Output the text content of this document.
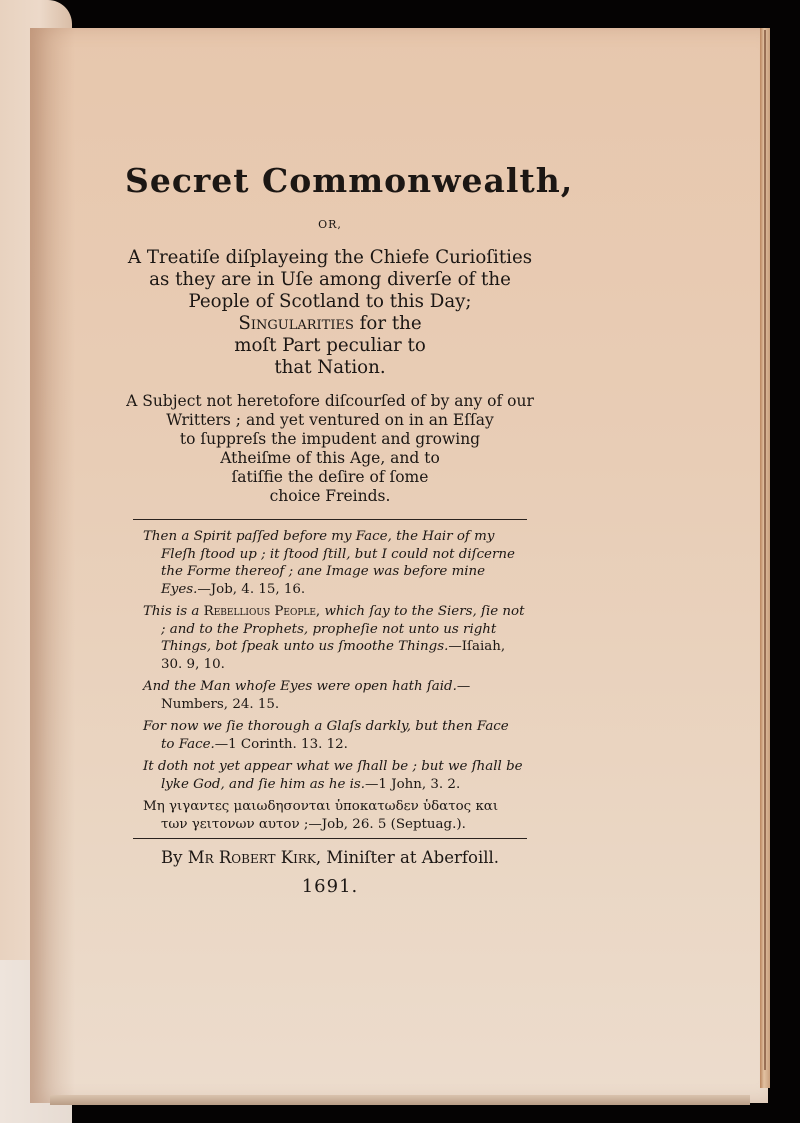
Secret Commonwealth,
OR,
A Treatiſe diſplayeing the Chiefe Curioſities
as they are in Uſe among diverſe of the
People of Scotland to this Day;
Singularities for the
moſt Part peculiar to
that Nation.
A Subject not heretofore diſcourſed of by any of our
Writters ; and yet ventured on in an Eſſay
to ſuppreſs the impudent and growing
Atheiſme of this Age, and to
ſatiſfie the deſire of ſome
choice Freinds.
Then a Spirit paſſed before my Face, the Hair of my Fleſh ſtood up ; it ſtood ſtill, but I could not diſcerne the Forme thereof ; ane Image was before mine Eyes.—Job, 4. 15, 16.
This is a Rebellious People, which ſay to the Siers, ſie not ; and to the Prophets, propheſie not unto us right Things, bot ſpeak unto us ſmoothe Things.—Iſaiah, 30. 9, 10.
And the Man whoſe Eyes were open hath ſaid.—Numbers, 24. 15.
For now we ſie thorough a Glaſs darkly, but then Face to Face.—1 Corinth. 13. 12.
It doth not yet appear what we ſhall be ; but we ſhall be lyke God, and ſie him as he is.—1 John, 3. 2.
Μη γιγαντες μαιωδησονται ὑποκατωδεν ὑδατος και των γειτονων αυτον ;—Job, 26. 5 (Septuag.).
By Mr Robert Kirk, Miniſter at Aberfoill.
1691.
